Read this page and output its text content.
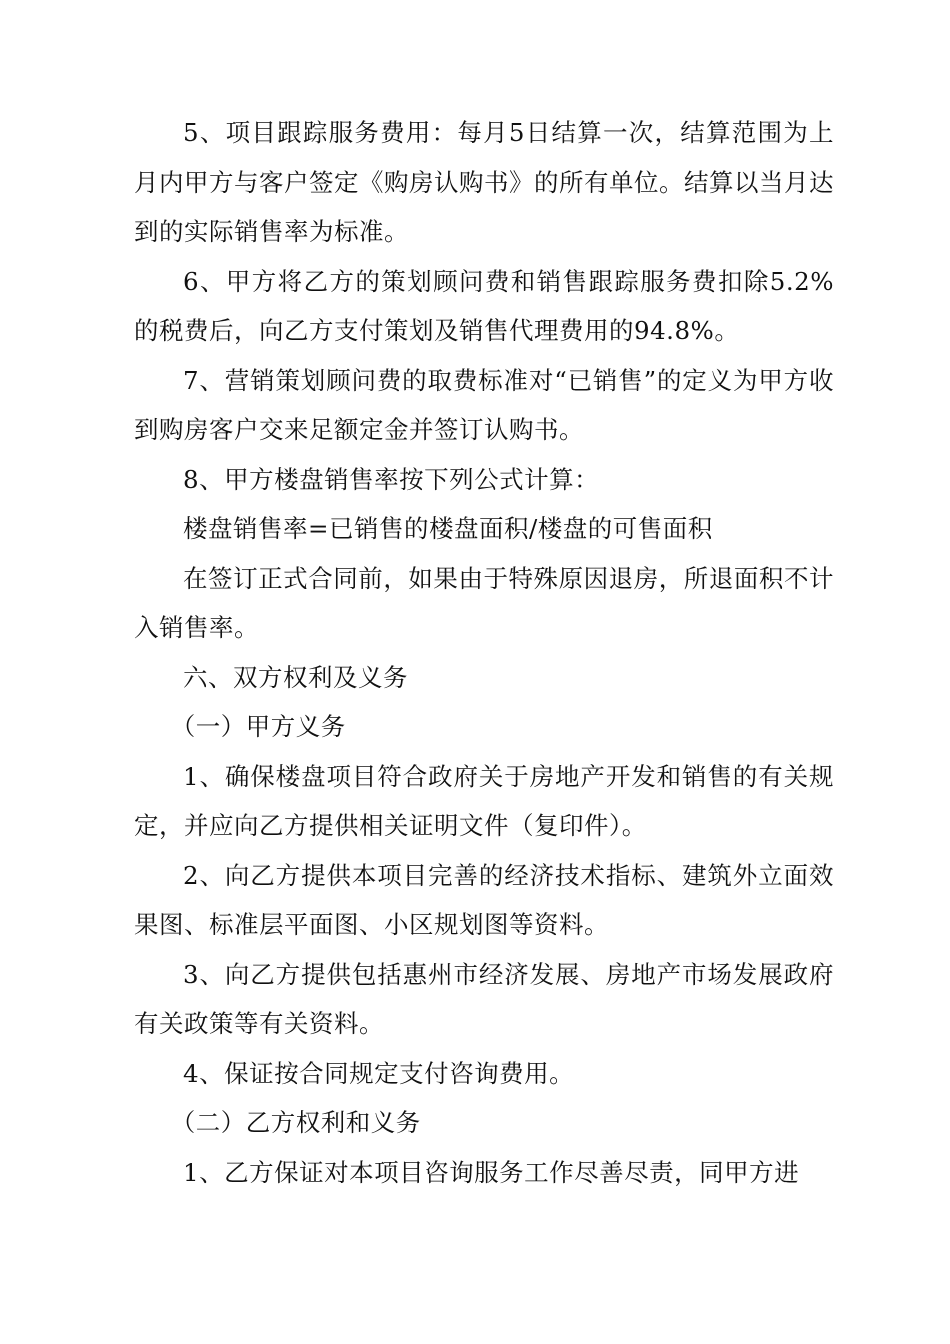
5、项目跟踪服务费用：每月5日结算一次，结算范围为上月内甲方与客户签定《购房认购书》的所有单位。结算以当月达到的实际销售率为标准。

6、甲方将乙方的策划顾问费和销售跟踪服务费扣除5.2%的税费后，向乙方支付策划及销售代理费用的94.8%。

7、营销策划顾问费的取费标准对“已销售”的定义为甲方收到购房客户交来足额定金并签订认购书。

8、甲方楼盘销售率按下列公式计算：

楼盘销售率=已销售的楼盘面积/楼盘的可售面积

在签订正式合同前，如果由于特殊原因退房，所退面积不计入销售率。

六、双方权利及义务

（一）甲方义务

1、确保楼盘项目符合政府关于房地产开发和销售的有关规定，并应向乙方提供相关证明文件（复印件）。

2、向乙方提供本项目完善的经济技术指标、建筑外立面效果图、标准层平面图、小区规划图等资料。

3、向乙方提供包括惠州市经济发展、房地产市场发展政府有关政策等有关资料。

4、保证按合同规定支付咨询费用。

（二）乙方权利和义务

1、乙方保证对本项目咨询服务工作尽善尽责，同甲方进
